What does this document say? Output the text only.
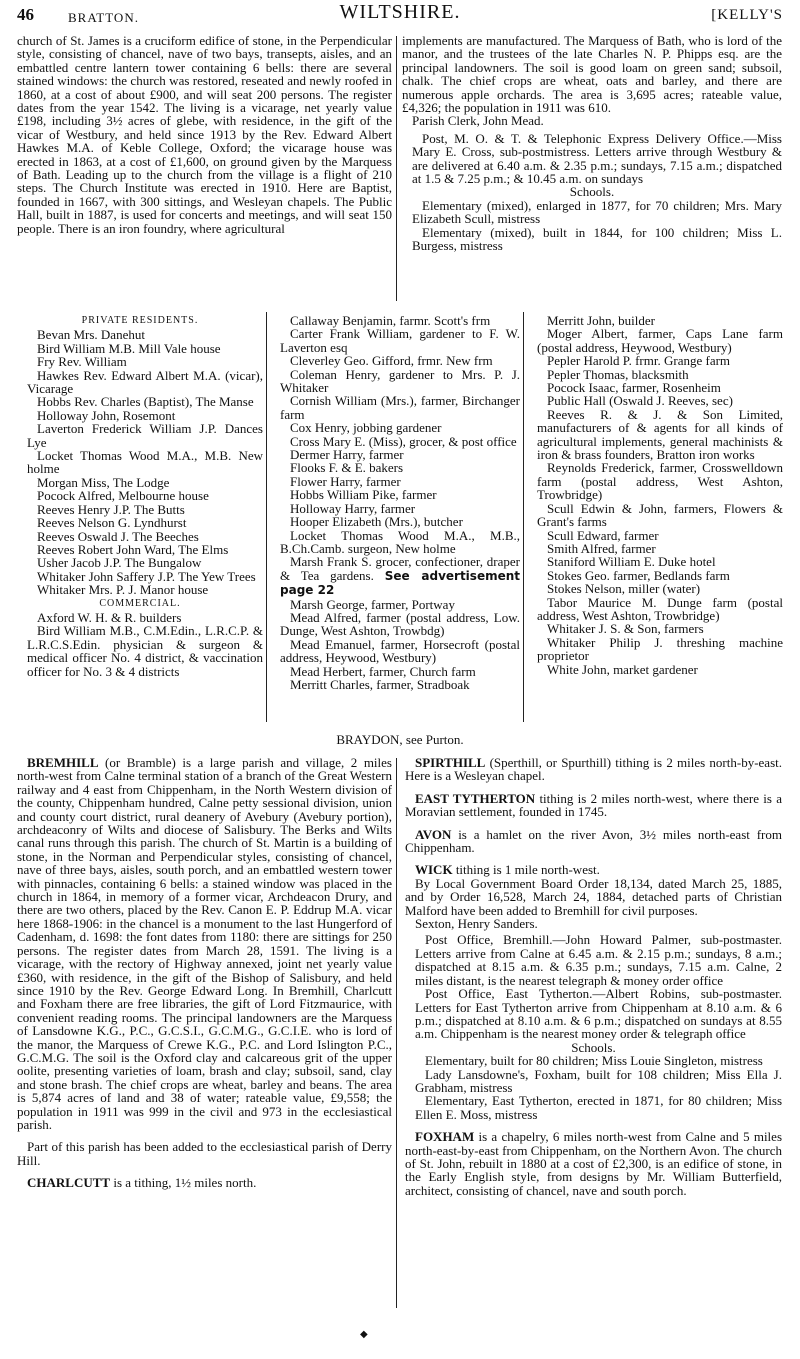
46	BRATTON.	WILTSHIRE.	[KELLY'S

church of St. James is a cruciform edifice of stone, in the Perpendicular style, consisting of chancel, nave of two bays, transepts, aisles, and an embattled centre lantern tower containing 6 bells: there are several stained windows: the church was restored, reseated and newly roofed in 1860, at a cost of about £900, and will seat 200 persons. The register dates from the year 1542. The living is a vicarage, net yearly value £198, including 3½ acres of glebe, with residence, in the gift of the vicar of Westbury, and held since 1913 by the Rev. Edward Albert Hawkes M.A. of Keble College, Oxford; the vicarage house was erected in 1863, at a cost of £1,600, on ground given by the Marquess of Bath. Leading up to the church from the village is a flight of 210 steps. The Church Institute was erected in 1910. Here are Baptist, founded in 1667, with 300 sittings, and Wesleyan chapels. The Public Hall, built in 1887, is used for concerts and meetings, and will seat 150 people. There is an iron foundry, where agricultural

implements are manufactured. The Marquess of Bath, who is lord of the manor, and the trustees of the late Charles N. P. Phipps esq. are the principal landowners. The soil is good loam on green sand; subsoil, chalk. The chief crops are wheat, oats and barley, and there are numerous apple orchards. The area is 3,695 acres; rateable value, £4,326; the population in 1911 was 610.

Parish Clerk, John Mead.

Post, M. O. & T. & Telephonic Express Delivery Office.—Miss Mary E. Cross, sub-postmistress. Letters arrive through Westbury & are delivered at 6.40 a.m. & 2.35 p.m.; sundays, 7.15 a.m.; dispatched at 1.5 & 7.25 p.m.; & 10.45 a.m. on sundays

Schools.

Elementary (mixed), enlarged in 1877, for 70 children; Mrs. Mary Elizabeth Scull, mistress

Elementary (mixed), built in 1844, for 100 children; Miss L. Burgess, mistress

PRIVATE RESIDENTS.

Bevan Mrs. Danehut

Bird William M.B. Mill Vale house

Fry Rev. William

Hawkes Rev. Edward Albert M.A. (vicar), Vicarage

Hobbs Rev. Charles (Baptist), The Manse

Holloway John, Rosemont

Laverton Frederick William J.P. Dances Lye

Locket Thomas Wood M.A., M.B. New holme

Morgan Miss, The Lodge

Pocock Alfred, Melbourne house

Reeves Henry J.P. The Butts

Reeves Nelson G. Lyndhurst

Reeves Oswald J. The Beeches

Reeves Robert John Ward, The Elms

Usher Jacob J.P. The Bungalow

Whitaker John Saffery J.P. The Yew Trees

Whitaker Mrs. P. J. Manor house

COMMERCIAL.

Axford W. H. & R. builders

Bird William M.B., C.M.Edin., L.R.C.P. & L.R.C.S.Edin. physician & surgeon & medical officer No. 4 district, & vaccination officer for No. 3 & 4 districts

Callaway Benjamin, farmr. Scott's frm

Carter Frank William, gardener to F. W. Laverton esq

Cleverley Geo. Gifford, frmr. New frm

Coleman Henry, gardener to Mrs. P. J. Whitaker

Cornish William (Mrs.), farmer, Birchanger farm

Cox Henry, jobbing gardener

Cross Mary E. (Miss), grocer, & post office

Dermer Harry, farmer

Flooks F. & E. bakers

Flower Harry, farmer

Hobbs William Pike, farmer

Holloway Harry, farmer

Hooper Elizabeth (Mrs.), butcher

Locket Thomas Wood M.A., M.B., B.Ch.Camb. surgeon, New holme

Marsh Frank S. grocer, confectioner, draper & Tea gardens. See advertisement page 22

Marsh George, farmer, Portway

Mead Alfred, farmer (postal address, Low. Dunge, West Ashton, Trowbdg)

Mead Emanuel, farmer, Horsecroft (postal address, Heywood, Westbury)

Mead Herbert, farmer, Church farm

Merritt Charles, farmer, Stradboak

Merritt John, builder

Moger Albert, farmer, Caps Lane farm (postal address, Heywood, Westbury)

Pepler Harold P. frmr. Grange farm

Pepler Thomas, blacksmith

Pocock Isaac, farmer, Rosenheim

Public Hall (Oswald J. Reeves, sec)

Reeves R. & J. & Son Limited, manufacturers of & agents for all kinds of agricultural implements, general machinists & iron & brass founders, Bratton iron works

Reynolds Frederick, farmer, Crosswelldown farm (postal address, West Ashton, Trowbridge)

Scull Edwin & John, farmers, Flowers & Grant's farms

Scull Edward, farmer

Smith Alfred, farmer

Staniford William E. Duke hotel

Stokes Geo. farmer, Bedlands farm

Stokes Nelson, miller (water)

Tabor Maurice M. Dunge farm (postal address, West Ashton, Trowbridge)

Whitaker J. S. & Son, farmers

Whitaker Philip J. threshing machine proprietor

White John, market gardener

BRAYDON, see Purton.

BREMHILL (or Bramble) is a large parish and village, 2 miles north-west from Calne terminal station of a branch of the Great Western railway and 4 east from Chippenham, in the North Western division of the county, Chippenham hundred, Calne petty sessional division, union and county court district, rural deanery of Avebury (Avebury portion), archdeaconry of Wilts and diocese of Salisbury. The Berks and Wilts canal runs through this parish. The church of St. Martin is a building of stone, in the Norman and Perpendicular styles, consisting of chancel, nave of three bays, aisles, south porch, and an embattled western tower with pinnacles, containing 6 bells: a stained window was placed in the church in 1864, in memory of a former vicar, Archdeacon Drury, and there are two others, placed by the Rev. Canon E. P. Eddrup M.A. vicar here 1868-1906: in the chancel is a monument to the last Hungerford of Cadenham, d. 1698: the font dates from 1180: there are sittings for 250 persons. The register dates from March 28, 1591. The living is a vicarage, with the rectory of Highway annexed, joint net yearly value £360, with residence, in the gift of the Bishop of Salisbury, and held since 1910 by the Rev. George Edward Long. In Bremhill, Charlcutt and Foxham there are free libraries, the gift of Lord Fitzmaurice, with convenient reading rooms. The principal landowners are the Marquess of Lansdowne K.G., P.C., G.C.S.I., G.C.M.G., G.C.I.E. who is lord of the manor, the Marquess of Crewe K.G., P.C. and Lord Islington P.C., G.C.M.G. The soil is the Oxford clay and calcareous grit of the upper oolite, presenting varieties of loam, brash and clay; subsoil, sand, clay and stone brash. The chief crops are wheat, barley and beans. The area is 5,874 acres of land and 38 of water; rateable value, £9,558; the population in 1911 was 999 in the civil and 973 in the ecclesiastical parish.

Part of this parish has been added to the ecclesiastical parish of Derry Hill.

CHARLCUTT is a tithing, 1½ miles north.

SPIRTHILL (Sperthill, or Spurthill) tithing is 2 miles north-by-east. Here is a Wesleyan chapel.

EAST TYTHERTON tithing is 2 miles north-west, where there is a Moravian settlement, founded in 1745.

AVON is a hamlet on the river Avon, 3½ miles north-east from Chippenham.

WICK tithing is 1 mile north-west.

By Local Government Board Order 18,134, dated March 25, 1885, and by Order 16,528, March 24, 1884, detached parts of Christian Malford have been added to Bremhill for civil purposes.

Sexton, Henry Sanders.

Post Office, Bremhill.—John Howard Palmer, sub-postmaster. Letters arrive from Calne at 6.45 a.m. & 2.15 p.m.; sundays, 8 a.m.; dispatched at 8.15 a.m. & 6.35 p.m.; sundays, 7.15 a.m. Calne, 2 miles distant, is the nearest telegraph & money order office

Post Office, East Tytherton.—Albert Robins, sub-postmaster. Letters for East Tytherton arrive from Chippenham at 8.10 a.m. & 6 p.m.; dispatched at 8.10 a.m. & 6 p.m.; dispatched on sundays at 8.55 a.m. Chippenham is the nearest money order & telegraph office

Schools.

Elementary, built for 80 children; Miss Louie Singleton, mistress

Lady Lansdowne's, Foxham, built for 108 children; Miss Ella J. Grabham, mistress

Elementary, East Tytherton, erected in 1871, for 80 children; Miss Ellen E. Moss, mistress

FOXHAM is a chapelry, 6 miles north-west from Calne and 5 miles north-east-by-east from Chippenham, on the Northern Avon. The church of St. John, rebuilt in 1880 at a cost of £2,300, is an edifice of stone, in the Early English style, from designs by Mr. William Butterfield, architect, consisting of chancel, nave and south porch.

◆
